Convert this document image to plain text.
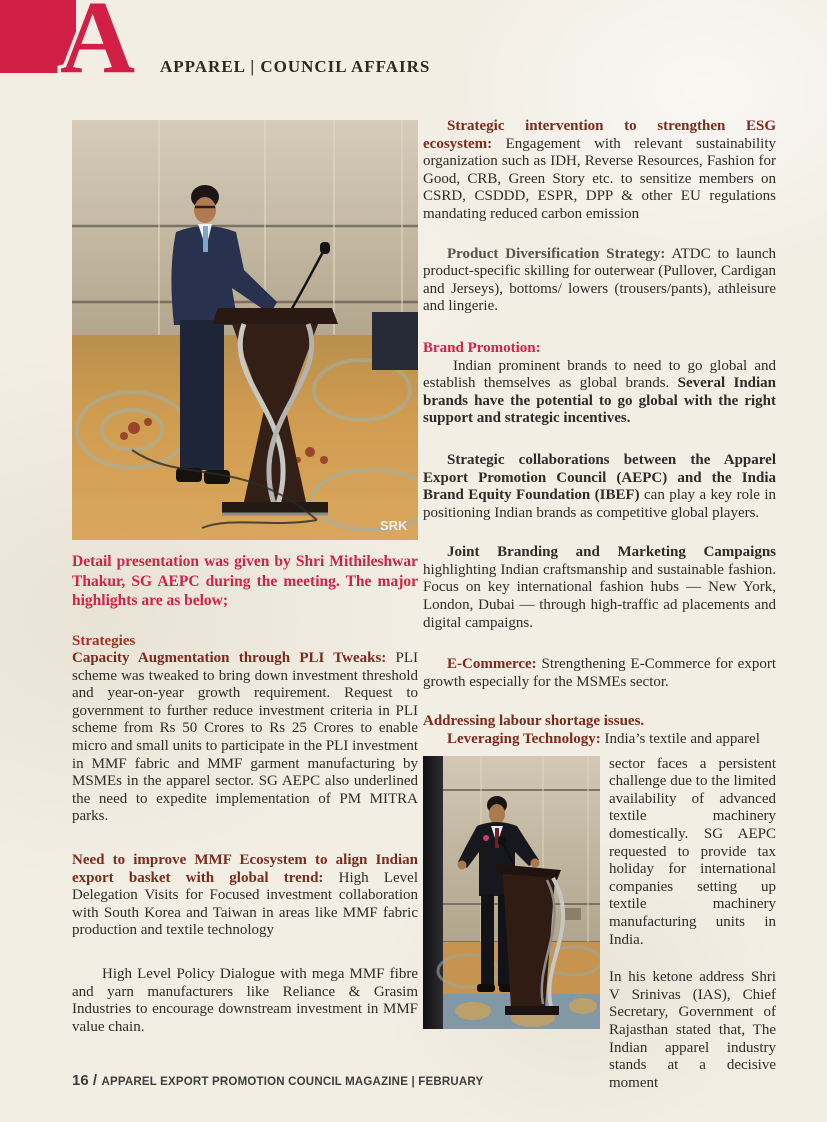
A APPAREL | COUNCIL AFFAIRS
SRK
Detail presentation was given by Shri Mithileshwar Thakur, SG AEPC during the meeting. The major highlights are as below;
Strategies

Capacity Augmentation through PLI Tweaks: PLI scheme was tweaked to bring down investment threshold and year-on-year growth requirement. Request to government to further reduce investment criteria in PLI scheme from Rs 50 Crores to Rs 25 Crores to enable micro and small units to participate in the PLI investment in MMF fabric and MMF garment manufacturing by MSMEs in the apparel sector. SG AEPC also underlined the need to expedite implementation of PM MITRA parks.

Need to improve MMF Ecosystem to align Indian export basket with global trend: High Level Delegation Visits for Focused investment collaboration with South Korea and Taiwan in areas like MMF fabric production and textile technology

High Level Policy Dialogue with mega MMF fibre and yarn manufacturers like Reliance & Grasim Industries to encourage downstream investment in MMF value chain.

Strategic intervention to strengthen ESG ecosystem: Engagement with relevant sustainability organization such as IDH, Reverse Resources, Fashion for Good, CRB, Green Story etc. to sensitize members on CSRD, CSDDD, ESPR, DPP & other EU regulations mandating reduced carbon emission

Product Diversification Strategy: ATDC to launch product-specific skilling for outerwear (Pullover, Cardigan and Jerseys), bottoms/ lowers (trousers/pants), athleisure and lingerie.

Brand Promotion:

Indian prominent brands to need to go global and establish themselves as global brands. Several Indian brands have the potential to go global with the right support and strategic incentives.

Strategic collaborations between the Apparel Export Promotion Council (AEPC) and the India Brand Equity Foundation (IBEF) can play a key role in positioning Indian brands as competitive global players.

Joint Branding and Marketing Campaigns highlighting Indian craftsmanship and sustainable fashion. Focus on key international fashion hubs — New York, London, Dubai — through high-traffic ad placements and digital campaigns.

E-Commerce: Strengthening E-Commerce for export growth especially for the MSMEs sector.

Addressing labour shortage issues.

Leveraging Technology: India’s textile and apparel

sector faces a persistent challenge due to the limited availability of advanced textile machinery domestically. SG AEPC requested to provide tax holiday for international companies setting up textile machinery manufacturing units in India.

In his ketone address Shri V Srinivas (IAS), Chief Secretary, Government of Rajasthan stated that, The Indian apparel industry stands at a decisive moment

16 / APPAREL EXPORT PROMOTION COUNCIL MAGAZINE | FEBRUARY
